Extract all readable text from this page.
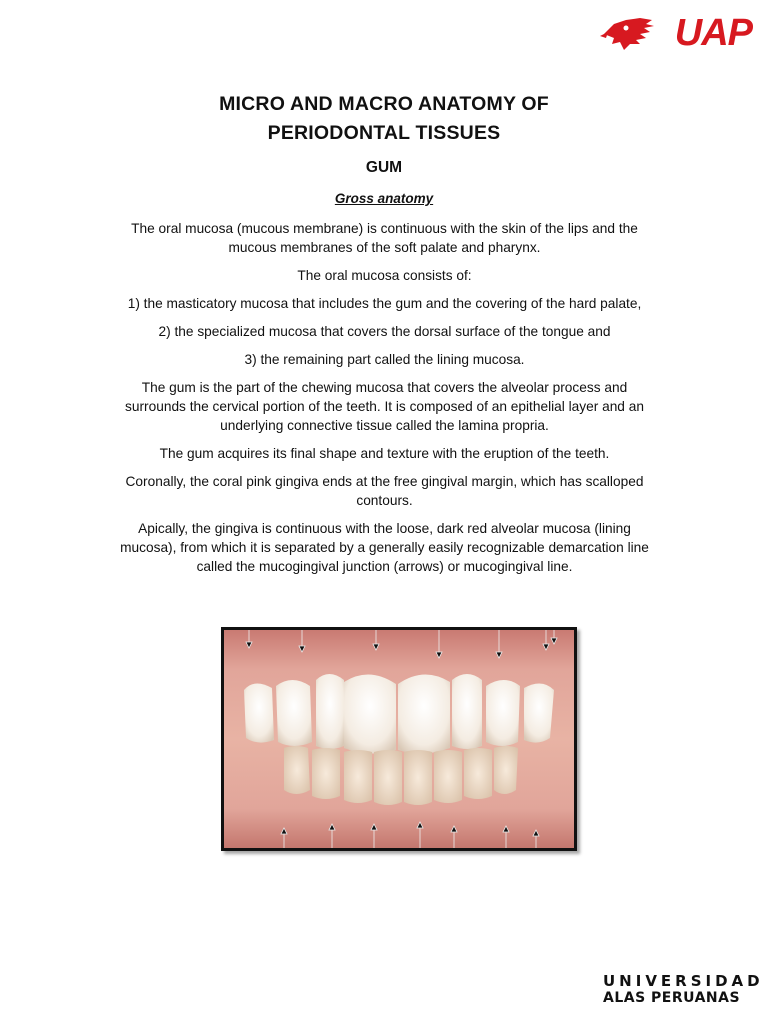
UAP
MICRO AND MACRO ANATOMY OF
PERIODONTAL TISSUES
GUM
Gross anatomy

The oral mucosa (mucous membrane) is continuous with the skin of the lips and the mucous membranes of the soft palate and pharynx.

The oral mucosa consists of:

1) the masticatory mucosa that includes the gum and the covering of the hard palate,

2) the specialized mucosa that covers the dorsal surface of the tongue and

3) the remaining part called the lining mucosa.

The gum is the part of the chewing mucosa that covers the alveolar process and surrounds the cervical portion of the teeth. It is composed of an epithelial layer and an underlying connective tissue called the lamina propria.

The gum acquires its final shape and texture with the eruption of the teeth.

Coronally, the coral pink gingiva ends at the free gingival margin, which has scalloped contours.

Apically, the gingiva is continuous with the loose, dark red alveolar mucosa (lining mucosa), from which it is separated by a generally easily recognizable demarcation line called the mucogingival junction (arrows) or mucogingival line.

UNIVERSIDAD
ALAS PERUANAS
